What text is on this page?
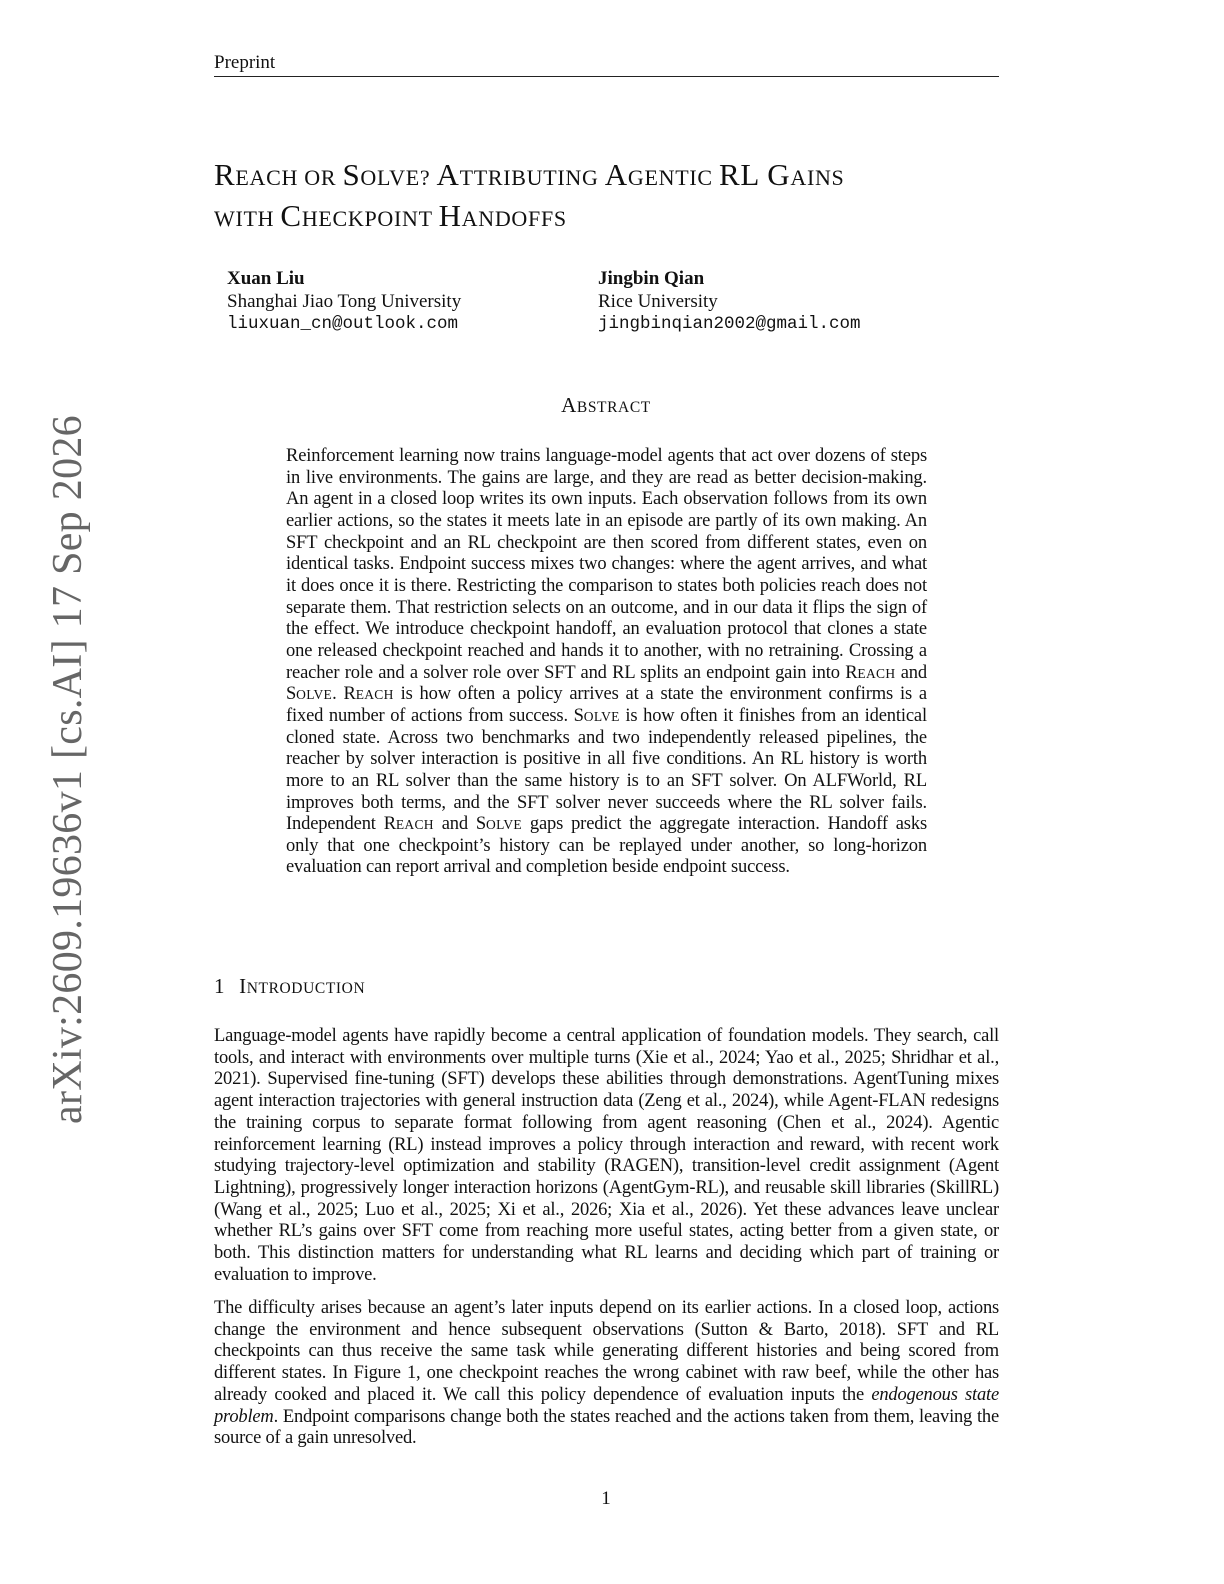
Preprint
arXiv:2609.19636v1 [cs.AI] 17 Sep 2026
REACH OR SOLVE? ATTRIBUTING AGENTIC RL GAINS
WITH CHECKPOINT HANDOFFS
Xuan Liu
Shanghai Jiao Tong University
liuxuan_cn@outlook.com
Jingbin Qian
Rice University
jingbinqian2002@gmail.com
ABSTRACT
Reinforcement learning now trains language-model agents that act over dozens of steps in live environments. The gains are large, and they are read as better decision-making. An agent in a closed loop writes its own inputs. Each observation follows from its own earlier actions, so the states it meets late in an episode are partly of its own making. An SFT checkpoint and an RL checkpoint are then scored from different states, even on identical tasks. Endpoint success mixes two changes: where the agent arrives, and what it does once it is there. Restricting the comparison to states both policies reach does not separate them. That restriction selects on an outcome, and in our data it flips the sign of the effect. We introduce checkpoint handoff, an evaluation protocol that clones a state one released checkpoint reached and hands it to another, with no retraining. Crossing a reacher role and a solver role over SFT and RL splits an endpoint gain into REACH and SOLVE. REACH is how often a policy arrives at a state the environment confirms is a fixed number of actions from success. SOLVE is how often it finishes from an identical cloned state. Across two benchmarks and two independently released pipelines, the reacher by solver interaction is positive in all five conditions. An RL history is worth more to an RL solver than the same history is to an SFT solver. On ALFWorld, RL improves both terms, and the SFT solver never succeeds where the RL solver fails. Independent REACH and SOLVE gaps predict the aggregate interaction. Handoff asks only that one checkpoint’s history can be replayed under another, so long-horizon evaluation can report arrival and completion beside endpoint success.
1 INTRODUCTION
Language-model agents have rapidly become a central application of foundation models. They search, call tools, and interact with environments over multiple turns (Xie et al., 2024; Yao et al., 2025; Shridhar et al., 2021). Supervised fine-tuning (SFT) develops these abilities through demonstrations. AgentTuning mixes agent interaction trajectories with general instruction data (Zeng et al., 2024), while Agent-FLAN redesigns the training corpus to separate format following from agent reasoning (Chen et al., 2024). Agentic reinforcement learning (RL) instead improves a policy through interaction and reward, with recent work studying trajectory-level optimization and stability (RAGEN), transition-level credit assignment (Agent Lightning), progressively longer interaction horizons (AgentGym-RL), and reusable skill libraries (SkillRL) (Wang et al., 2025; Luo et al., 2025; Xi et al., 2026; Xia et al., 2026). Yet these advances leave unclear whether RL’s gains over SFT come from reaching more useful states, acting better from a given state, or both. This distinction matters for understanding what RL learns and deciding which part of training or evaluation to improve.
The difficulty arises because an agent’s later inputs depend on its earlier actions. In a closed loop, actions change the environment and hence subsequent observations (Sutton & Barto, 2018). SFT and RL checkpoints can thus receive the same task while generating different histories and being scored from different states. In Figure 1, one checkpoint reaches the wrong cabinet with raw beef, while the other has already cooked and placed it. We call this policy dependence of evaluation inputs the endogenous state problem. Endpoint comparisons change both the states reached and the actions taken from them, leaving the source of a gain unresolved.
1
